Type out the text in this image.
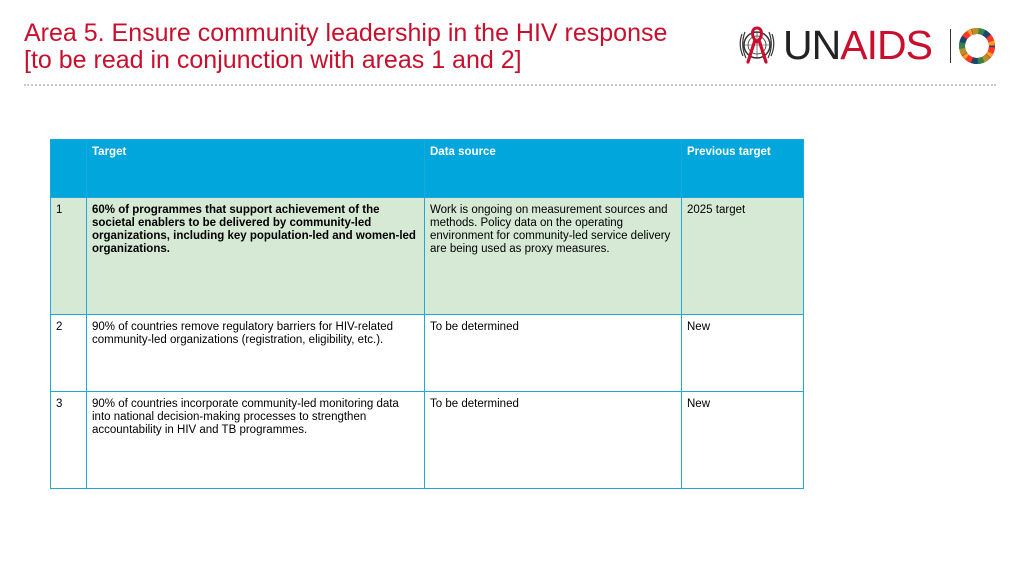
Area 5. Ensure community leadership in the HIV response
[to be read in conjunction with areas 1 and 2]	UNAIDS
	Target	Data source	Previous target
1	60% of programmes that support achievement of the societal enablers to be delivered by community-led organizations, including key population-led and women-led organizations.	Work is ongoing on measurement sources and methods. Policy data on the operating environment for community-led service delivery are being used as proxy measures.	2025 target
2	90% of countries remove regulatory barriers for HIV-related community-led organizations (registration, eligibility, etc.).	To be determined	New
3	90% of countries incorporate community-led monitoring data into national decision-making processes to strengthen accountability in HIV and TB programmes.	To be determined	New
